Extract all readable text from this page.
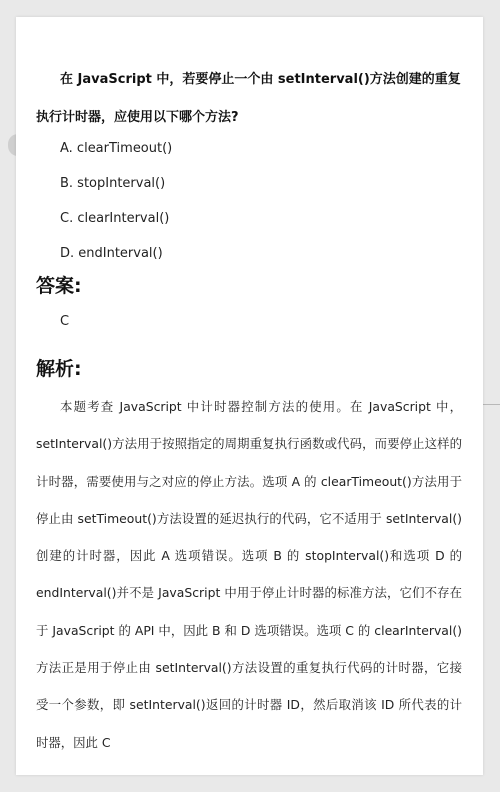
在 JavaScript 中，若要停止一个由 setInterval()方法创建的重复执行计时器，应使用以下哪个方法?
A. clearTimeout()
B. stopInterval()
C. clearInterval()
D. endInterval()
答案:
C
解析:
本题考查 JavaScript 中计时器控制方法的使用。在 JavaScript 中，setInterval()方法用于按照指定的周期重复执行函数或代码，而要停止这样的计时器，需要使用与之对应的停止方法。选项 A 的 clearTimeout()方法用于停止由 setTimeout()方法设置的延迟执行的代码，它不适用于 setInterval()创建的计时器，因此 A 选项错误。选项 B 的 stopInterval()和选项 D 的 endInterval()并不是 JavaScript 中用于停止计时器的标准方法，它们不存在于 JavaScript 的 API 中，因此 B 和 D 选项错误。选项 C 的 clearInterval()方法正是用于停止由 setInterval()方法设置的重复执行代码的计时器，它接受一个参数，即 setInterval()返回的计时器 ID，然后取消该 ID 所代表的计时器，因此 C
